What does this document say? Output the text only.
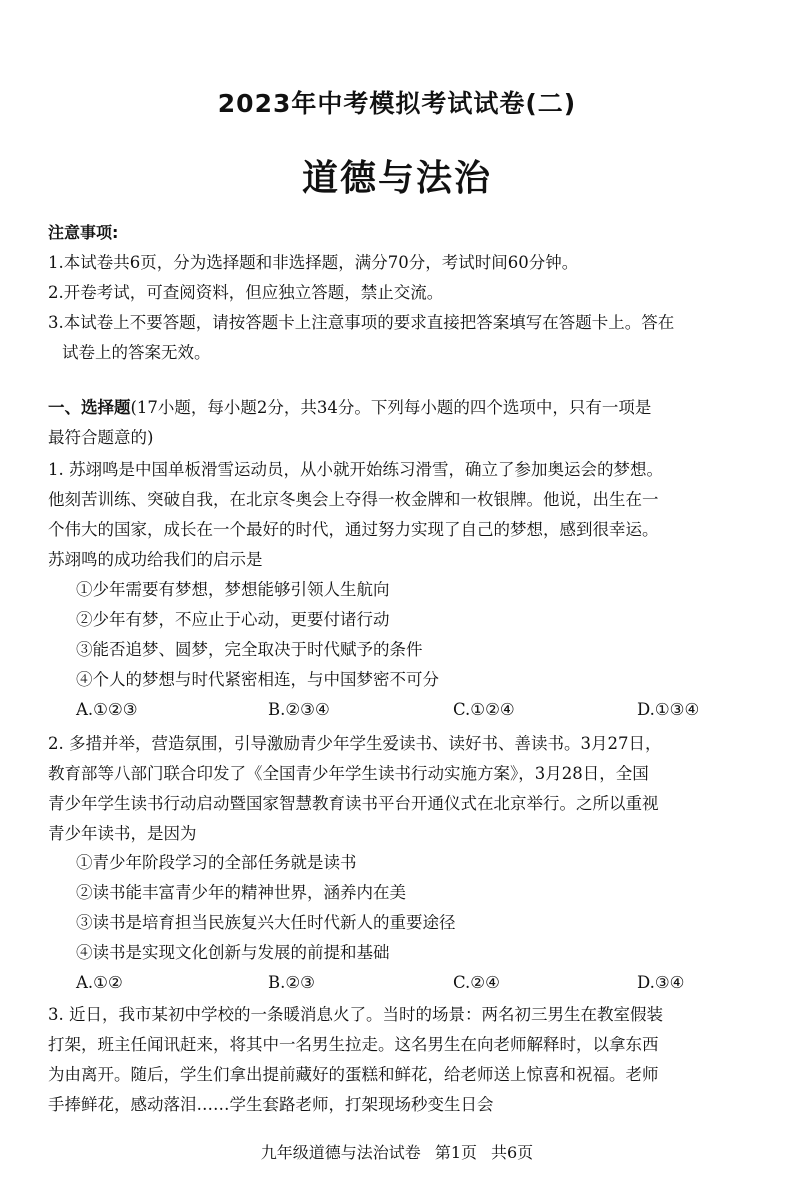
2023年中考模拟考试试卷(二)
道德与法治
注意事项:
1.本试卷共6页，分为选择题和非选择题，满分70分，考试时间60分钟。
2.开卷考试，可查阅资料，但应独立答题，禁止交流。
3.本试卷上不要答题，请按答题卡上注意事项的要求直接把答案填写在答题卡上。答在
试卷上的答案无效。
一、选择题(17小题，每小题2分，共34分。下列每小题的四个选项中，只有一项是
最符合题意的)
1. 苏翊鸣是中国单板滑雪运动员，从小就开始练习滑雪，确立了参加奥运会的梦想。
他刻苦训练、突破自我，在北京冬奥会上夺得一枚金牌和一枚银牌。他说，出生在一
个伟大的国家，成长在一个最好的时代，通过努力实现了自己的梦想，感到很幸运。
苏翊鸣的成功给我们的启示是
①少年需要有梦想，梦想能够引领人生航向
②少年有梦，不应止于心动，更要付诸行动
③能否追梦、圆梦，完全取决于时代赋予的条件
④个人的梦想与时代紧密相连，与中国梦密不可分
A.①②③	B.②③④	C.①②④	D.①③④
2. 多措并举，营造氛围，引导激励青少年学生爱读书、读好书、善读书。3月27日，
教育部等八部门联合印发了《全国青少年学生读书行动实施方案》，3月28日，全国
青少年学生读书行动启动暨国家智慧教育读书平台开通仪式在北京举行。之所以重视
青少年读书，是因为
①青少年阶段学习的全部任务就是读书
②读书能丰富青少年的精神世界，涵养内在美
③读书是培育担当民族复兴大任时代新人的重要途径
④读书是实现文化创新与发展的前提和基础
A.①②	B.②③	C.②④	D.③④
3. 近日，我市某初中学校的一条暖消息火了。当时的场景：两名初三男生在教室假装
打架，班主任闻讯赶来，将其中一名男生拉走。这名男生在向老师解释时，以拿东西
为由离开。随后，学生们拿出提前藏好的蛋糕和鲜花，给老师送上惊喜和祝福。老师
手捧鲜花，感动落泪……学生套路老师，打架现场秒变生日会
九年级道德与法治试卷 第1页 共6页
